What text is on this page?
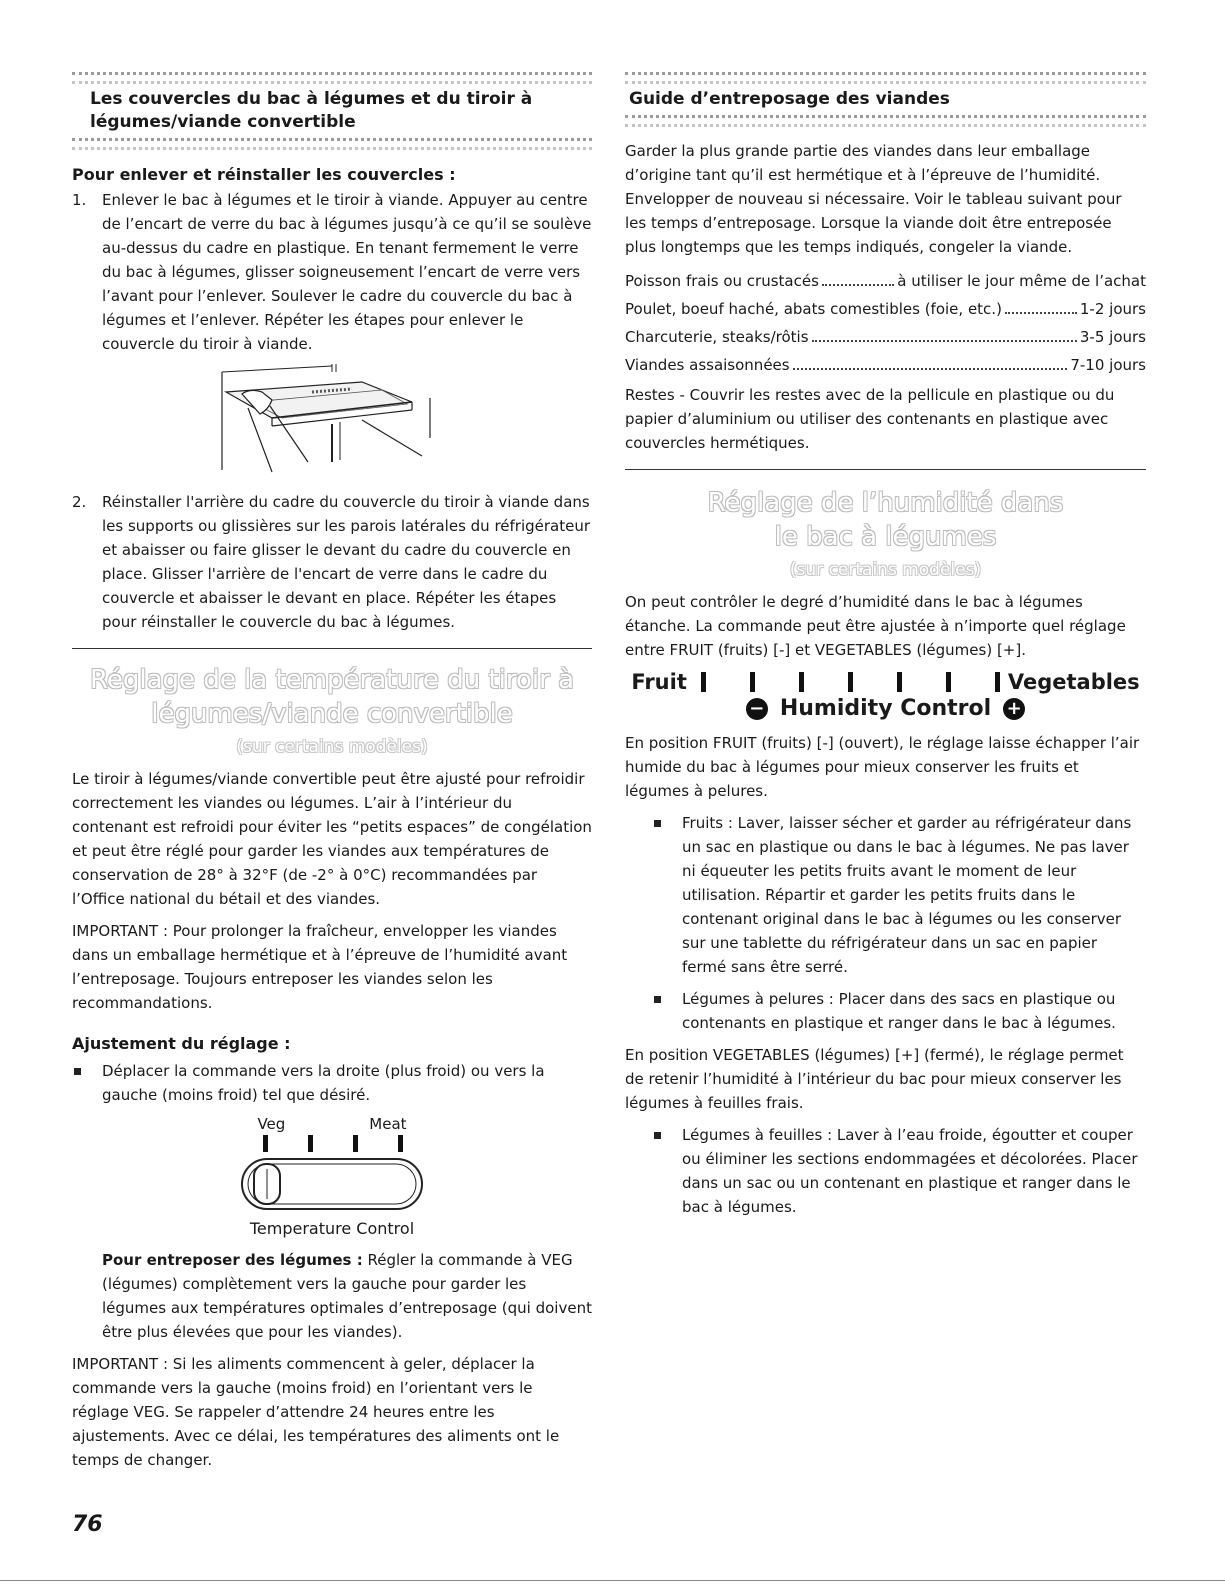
Les couvercles du bac à légumes et du tiroir à légumes/viande convertible
Pour enlever et réinstaller les couvercles :
1. Enlever le bac à légumes et le tiroir à viande. Appuyer au centre de l’encart de verre du bac à légumes jusqu’à ce qu’il se soulève au-dessus du cadre en plastique. En tenant fermement le verre du bac à légumes, glisser soigneusement l’encart de verre vers l’avant pour l’enlever. Soulever le cadre du couvercle du bac à légumes et l’enlever. Répéter les étapes pour enlever le couvercle du tiroir à viande.
2. Réinstaller l'arrière du cadre du couvercle du tiroir à viande dans les supports ou glissières sur les parois latérales du réfrigérateur et abaisser ou faire glisser le devant du cadre du couvercle en place. Glisser l'arrière de l'encart de verre dans le cadre du couvercle et abaisser le devant en place. Répéter les étapes pour réinstaller le couvercle du bac à légumes.
Réglage de la température du tiroir à
légumes/viande convertible
(sur certains modèles)

Le tiroir à légumes/viande convertible peut être ajusté pour refroidir correctement les viandes ou légumes. L’air à l’intérieur du contenant est refroidi pour éviter les “petits espaces” de congélation et peut être réglé pour garder les viandes aux températures de conservation de 28° à 32°F (de -2° à 0°C) recommandées par l’Office national du bétail et des viandes.

IMPORTANT : Pour prolonger la fraîcheur, envelopper les viandes dans un emballage hermétique et à l’épreuve de l’humidité avant l’entreposage. Toujours entreposer les viandes selon les recommandations.

Ajustement du réglage :
Déplacer la commande vers la droite (plus froid) ou vers la gauche (moins froid) tel que désiré.
Veg	Meat
Temperature Control

Pour entreposer des légumes : Régler la commande à VEG (légumes) complètement vers la gauche pour garder les légumes aux températures optimales d’entreposage (qui doivent être plus élevées que pour les viandes).

IMPORTANT : Si les aliments commencent à geler, déplacer la commande vers la gauche (moins froid) en l’orientant vers le réglage VEG. Se rappeler d’attendre 24 heures entre les ajustements. Avec ce délai, les températures des aliments ont le temps de changer.

Guide d’entreposage des viandes

Garder la plus grande partie des viandes dans leur emballage d’origine tant qu’il est hermétique et à l’épreuve de l’humidité. Envelopper de nouveau si nécessaire. Voir le tableau suivant pour les temps d’entreposage. Lorsque la viande doit être entreposée plus longtemps que les temps indiqués, congeler la viande.

Poisson frais ou crustacés	à utiliser le jour même de l’achat
Poulet, boeuf haché, abats comestibles (foie, etc.)	1-2 jours
Charcuterie, steaks/rôtis	3-5 jours
Viandes assaisonnées	7-10 jours

Restes - Couvrir les restes avec de la pellicule en plastique ou du papier d’aluminium ou utiliser des contenants en plastique avec couvercles hermétiques.

Réglage de l’humidité dans
le bac à légumes
(sur certains modèles)

On peut contrôler le degré d’humidité dans le bac à légumes étanche. La commande peut être ajustée à n’importe quel réglage entre FRUIT (fruits) [-] et VEGETABLES (légumes) [+].

Fruit	Vegetables
− Humidity Control +

En position FRUIT (fruits) [-] (ouvert), le réglage laisse échapper l’air humide du bac à légumes pour mieux conserver les fruits et légumes à pelures.

Fruits : Laver, laisser sécher et garder au réfrigérateur dans un sac en plastique ou dans le bac à légumes. Ne pas laver ni équeuter les petits fruits avant le moment de leur utilisation. Répartir et garder les petits fruits dans le contenant original dans le bac à légumes ou les conserver sur une tablette du réfrigérateur dans un sac en papier fermé sans être serré.
Légumes à pelures : Placer dans des sacs en plastique ou contenants en plastique et ranger dans le bac à légumes.

En position VEGETABLES (légumes) [+] (fermé), le réglage permet de retenir l’humidité à l’intérieur du bac pour mieux conserver les légumes à feuilles frais.

Légumes à feuilles : Laver à l’eau froide, égoutter et couper ou éliminer les sections endommagées et décolorées. Placer dans un sac ou un contenant en plastique et ranger dans le bac à légumes.
76
